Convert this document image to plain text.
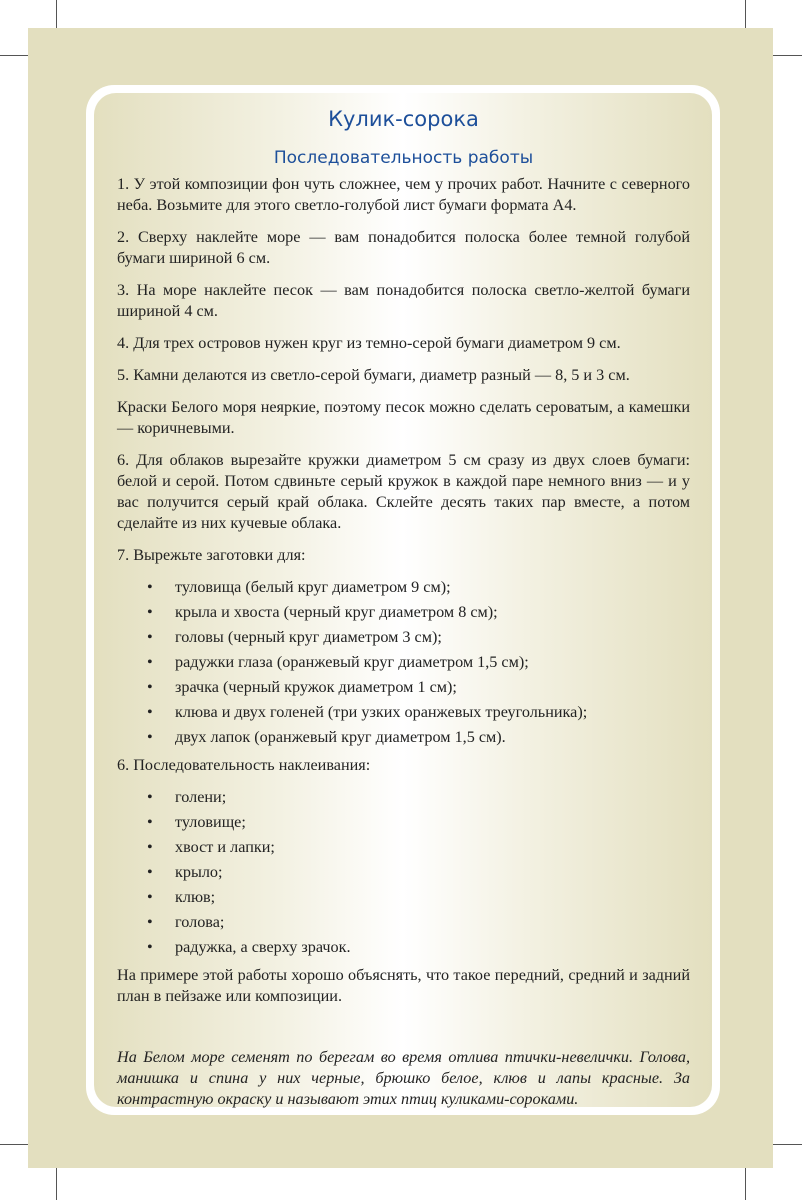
Кулик-сорока
Последовательность работы

1. У этой композиции фон чуть сложнее, чем у прочих работ. Начните с северного неба. Возьмите для этого светло-голубой лист бумаги формата А4.

2. Сверху наклейте море — вам понадобится полоска более темной голубой бумаги шириной 6 см.

3. На море наклейте песок — вам понадобится полоска светло-желтой бумаги шириной 4 см.

4. Для трех островов нужен круг из темно-серой бумаги диаметром 9 см.

5. Камни делаются из светло-серой бумаги, диаметр разный — 8, 5 и 3 см.

Краски Белого моря неяркие, поэтому песок можно сделать сероватым, а камешки — коричневыми.

6. Для облаков вырезайте кружки диаметром 5 см сразу из двух слоев бумаги: белой и серой. Потом сдвиньте серый кружок в каждой паре немного вниз — и у вас получится серый край облака. Склейте десять таких пар вместе, а потом сделайте из них кучевые облака.

7. Вырежьте заготовки для:

• туловища (белый круг диаметром 9 см);
• крыла и хвоста (черный круг диаметром 8 см);
• головы (черный круг диаметром 3 см);
• радужки глаза (оранжевый круг диаметром 1,5 см);
• зрачка (черный кружок диаметром 1 см);
• клюва и двух голеней (три узких оранжевых треугольника);
• двух лапок (оранжевый круг диаметром 1,5 см).

6. Последовательность наклеивания:

• голени;
• туловище;
• хвост и лапки;
• крыло;
• клюв;
• голова;
• радужка, а сверху зрачок.

На примере этой работы хорошо объяснять, что такое передний, средний и задний план в пейзаже или композиции.

На Белом море семенят по берегам во время отлива птички-невелички. Голова, манишка и спина у них черные, брюшко белое, клюв и лапы красные. За контрастную окраску и называют этих птиц куликами-сороками.
